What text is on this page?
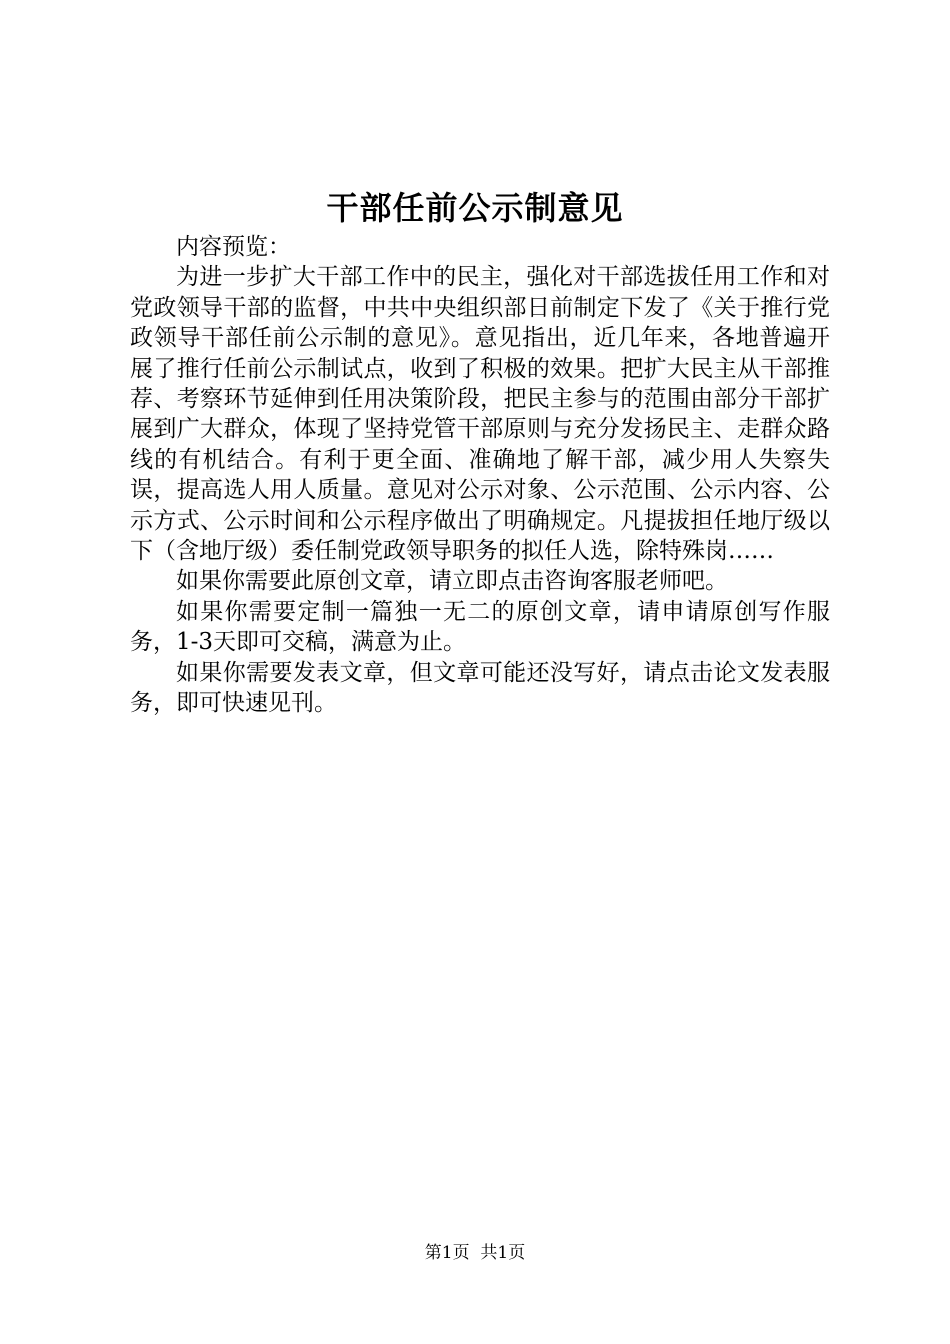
干部任前公示制意见

内容预览：

为进一步扩大干部工作中的民主，强化对干部选拔任用工作和对党政领导干部的监督，中共中央组织部日前制定下发了《关于推行党政领导干部任前公示制的意见》。意见指出，近几年来，各地普遍开展了推行任前公示制试点，收到了积极的效果。把扩大民主从干部推荐、考察环节延伸到任用决策阶段，把民主参与的范围由部分干部扩展到广大群众，体现了坚持党管干部原则与充分发扬民主、走群众路线的有机结合。有利于更全面、准确地了解干部，减少用人失察失误，提高选人用人质量。意见对公示对象、公示范围、公示内容、公示方式、公示时间和公示程序做出了明确规定。凡提拔担任地厅级以下（含地厅级）委任制党政领导职务的拟任人选，除特殊岗……

如果你需要此原创文章，请立即点击咨询客服老师吧。

如果你需要定制一篇独一无二的原创文章，请申请原创写作服务，1-3天即可交稿，满意为止。

如果你需要发表文章，但文章可能还没写好，请点击论文发表服务，即可快速见刊。

第1页  共1页
